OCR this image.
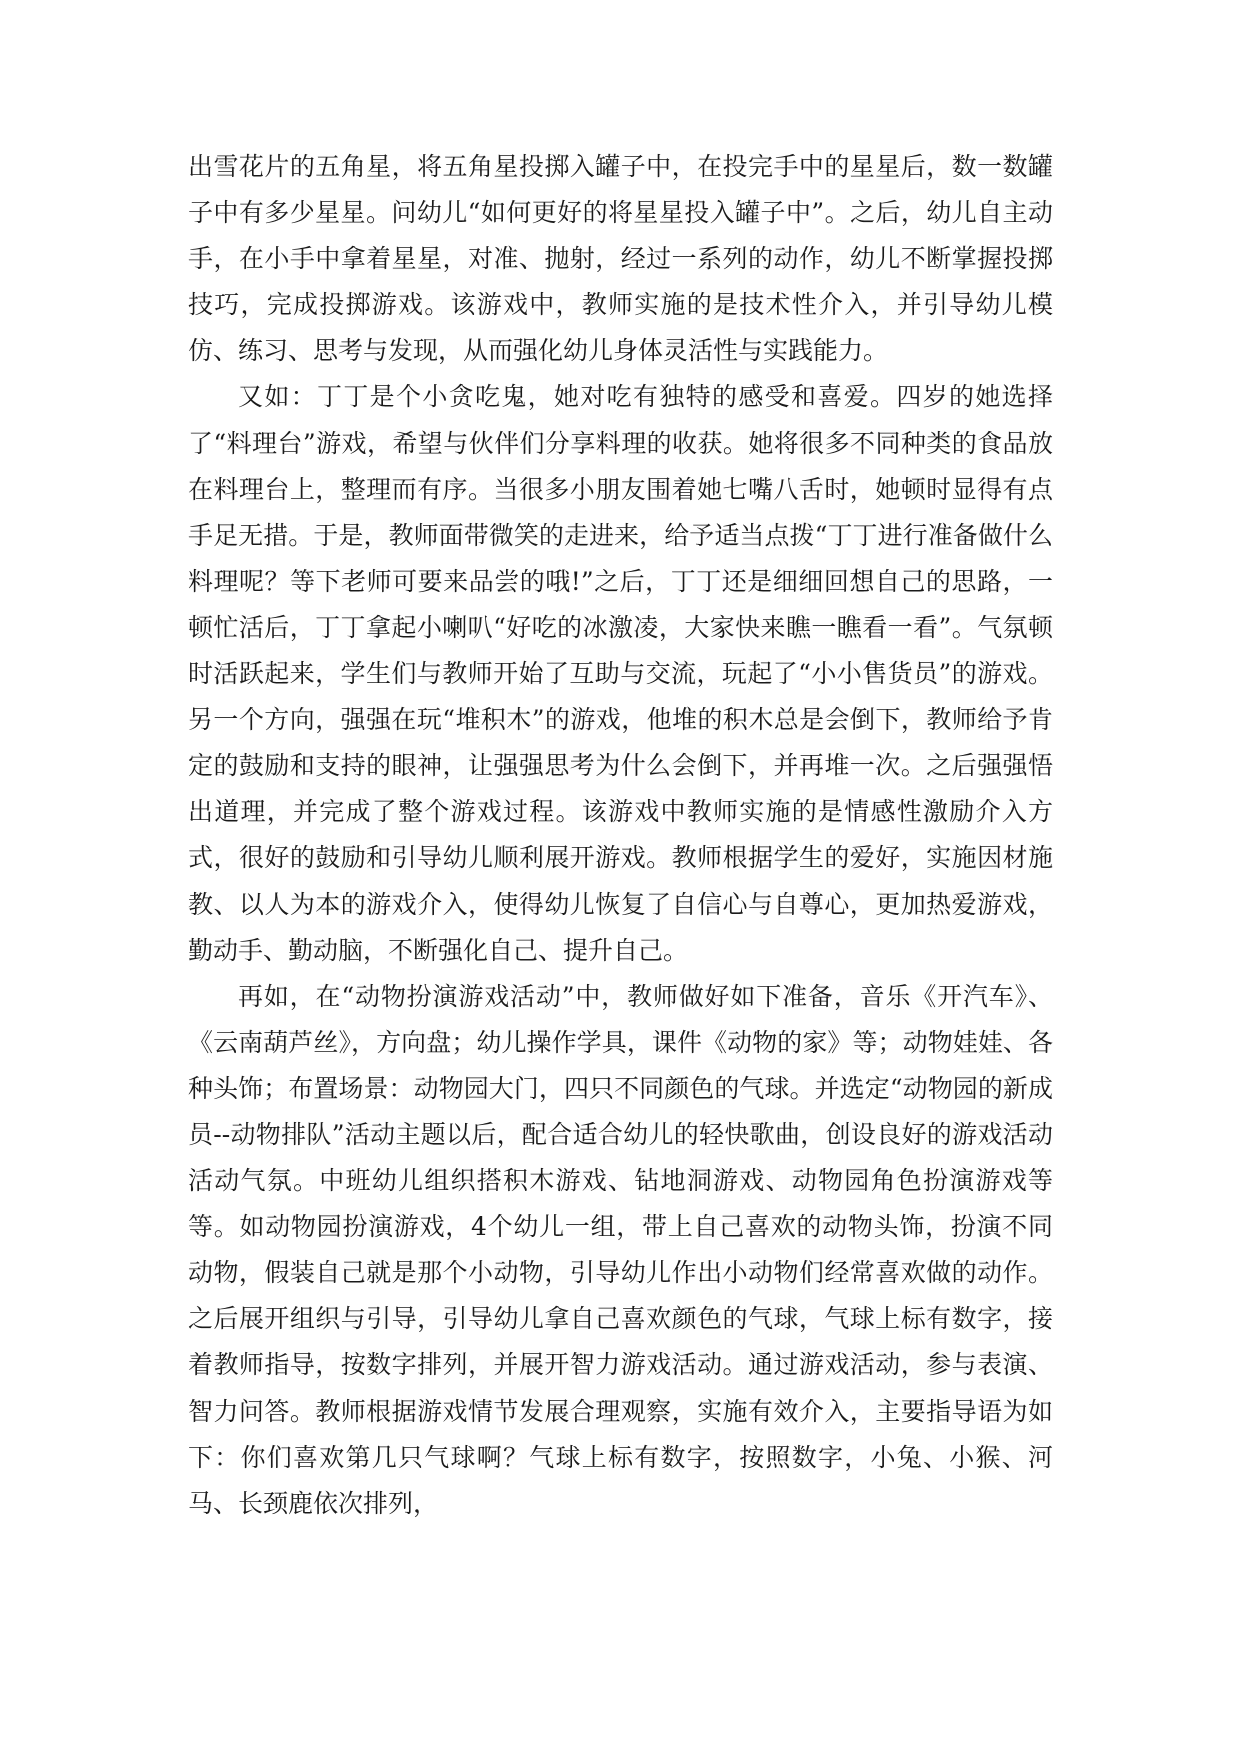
出雪花片的五角星，将五角星投掷入罐子中，在投完手中的星星后，数一数罐子中有多少星星。问幼儿“如何更好的将星星投入罐子中”。之后，幼儿自主动手，在小手中拿着星星，对准、抛射，经过一系列的动作，幼儿不断掌握投掷技巧，完成投掷游戏。该游戏中，教师实施的是技术性介入，并引导幼儿模仿、练习、思考与发现，从而强化幼儿身体灵活性与实践能力。

又如：丁丁是个小贪吃鬼，她对吃有独特的感受和喜爱。四岁的她选择了“料理台”游戏，希望与伙伴们分享料理的收获。她将很多不同种类的食品放在料理台上，整理而有序。当很多小朋友围着她七嘴八舌时，她顿时显得有点手足无措。于是，教师面带微笑的走进来，给予适当点拨“丁丁进行准备做什么料理呢？等下老师可要来品尝的哦!”之后，丁丁还是细细回想自己的思路，一顿忙活后，丁丁拿起小喇叭“好吃的冰激凌，大家快来瞧一瞧看一看”。气氛顿时活跃起来，学生们与教师开始了互助与交流，玩起了“小小售货员”的游戏。另一个方向，强强在玩“堆积木”的游戏，他堆的积木总是会倒下，教师给予肯定的鼓励和支持的眼神，让强强思考为什么会倒下，并再堆一次。之后强强悟出道理，并完成了整个游戏过程。该游戏中教师实施的是情感性激励介入方式，很好的鼓励和引导幼儿顺利展开游戏。教师根据学生的爱好，实施因材施教、以人为本的游戏介入，使得幼儿恢复了自信心与自尊心，更加热爱游戏，勤动手、勤动脑，不断强化自己、提升自己。

再如，在“动物扮演游戏活动”中，教师做好如下准备，音乐《开汽车》、《云南葫芦丝》，方向盘；幼儿操作学具，课件《动物的家》等；动物娃娃、各种头饰；布置场景：动物园大门，四只不同颜色的气球。并选定“动物园的新成员--动物排队”活动主题以后，配合适合幼儿的轻快歌曲，创设良好的游戏活动活动气氛。中班幼儿组织搭积木游戏、钻地洞游戏、动物园角色扮演游戏等等。如动物园扮演游戏，4个幼儿一组，带上自己喜欢的动物头饰，扮演不同动物，假装自己就是那个小动物，引导幼儿作出小动物们经常喜欢做的动作。之后展开组织与引导，引导幼儿拿自己喜欢颜色的气球，气球上标有数字，接着教师指导，按数字排列，并展开智力游戏活动。通过游戏活动，参与表演、智力问答。教师根据游戏情节发展合理观察，实施有效介入，主要指导语为如下：你们喜欢第几只气球啊？气球上标有数字，按照数字，小兔、小猴、河马、长颈鹿依次排列，
